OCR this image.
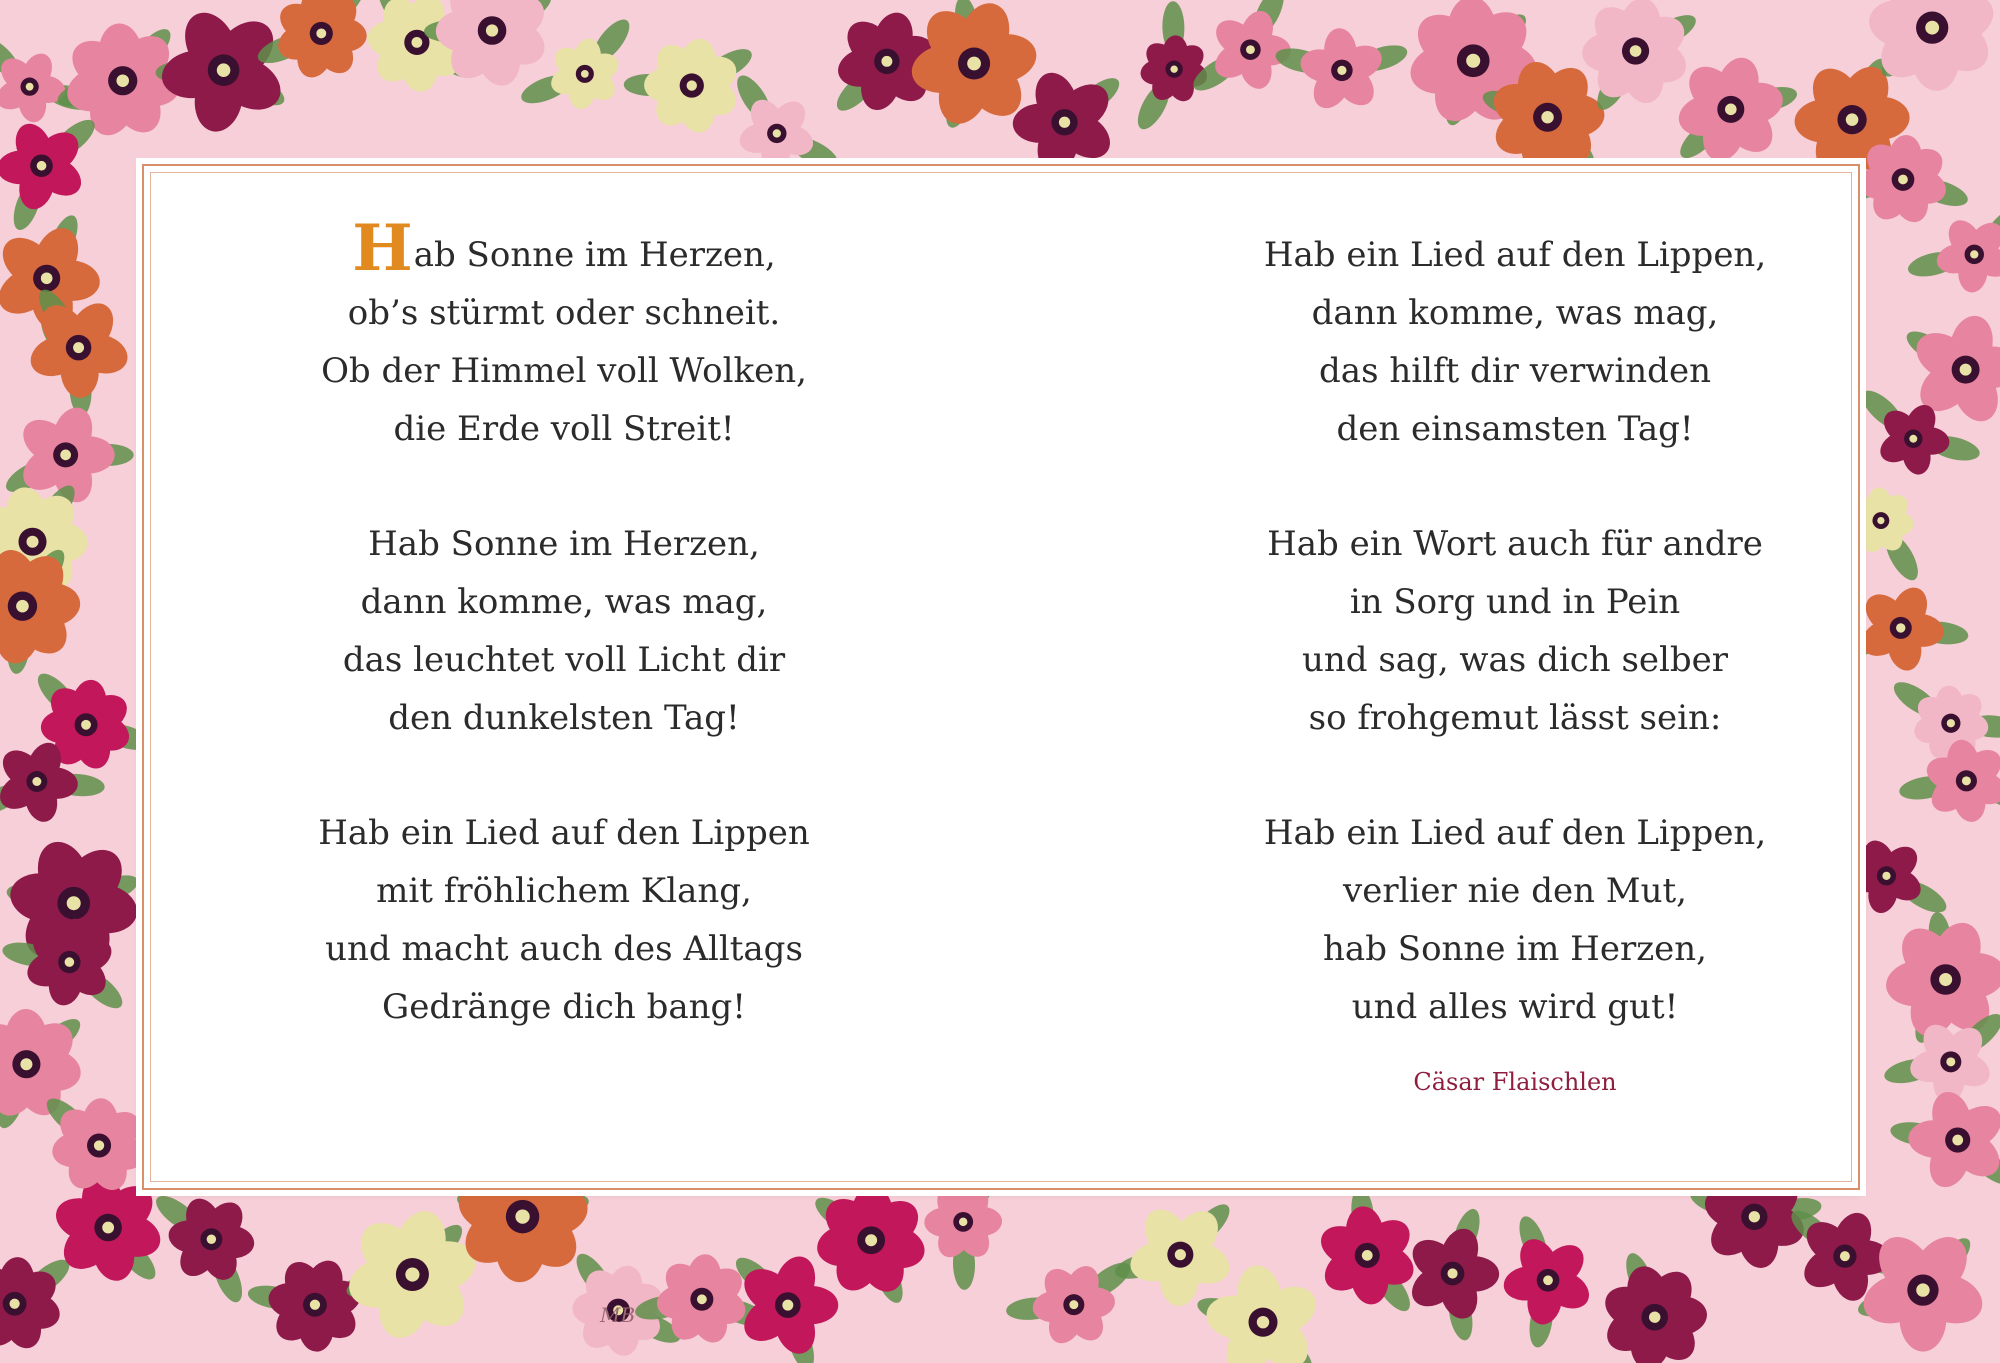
MB
Hab Sonne im Herzen,
ob’s stürmt oder schneit.
Ob der Himmel voll Wolken,
die Erde voll Streit!
Hab Sonne im Herzen,
dann komme, was mag,
das leuchtet voll Licht dir
den dunkelsten Tag!
Hab ein Lied auf den Lippen
mit fröhlichem Klang,
und macht auch des Alltags
Gedränge dich bang!
Hab ein Lied auf den Lippen,
dann komme, was mag,
das hilft dir verwinden
den einsamsten Tag!
Hab ein Wort auch für andre
in Sorg und in Pein
und sag, was dich selber
so frohgemut lässt sein:
Hab ein Lied auf den Lippen,
verlier nie den Mut,
hab Sonne im Herzen,
und alles wird gut!
Cäsar Flaischlen
